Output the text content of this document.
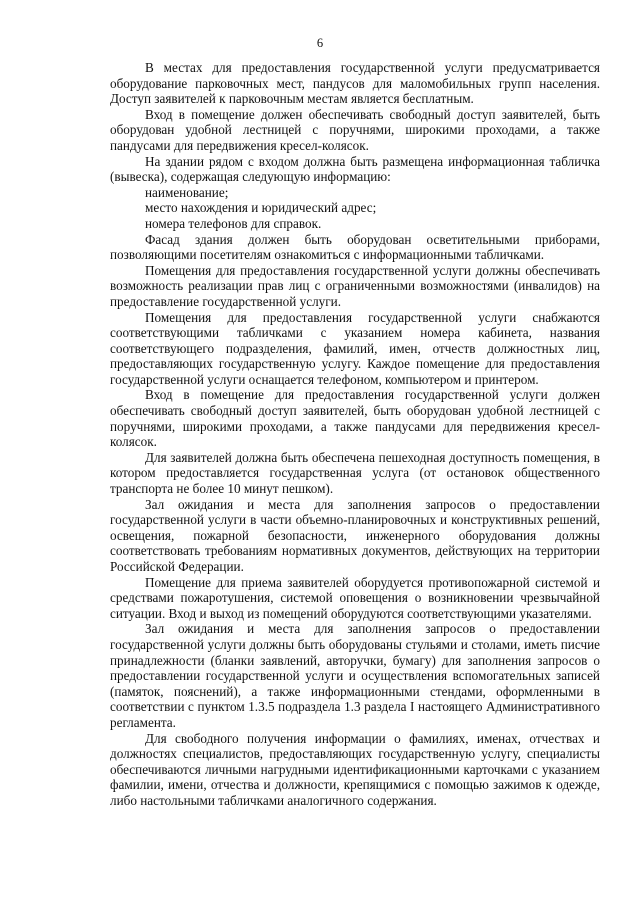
6

В местах для предоставления государственной услуги предусматривается оборудование парковочных мест, пандусов для маломобильных групп населения. Доступ заявителей к парковочным местам является бесплатным.

Вход в помещение должен обеспечивать свободный доступ заявителей, быть оборудован удобной лестницей с поручнями, широкими проходами, а также пандусами для передвижения кресел-колясок.

На здании рядом с входом должна быть размещена информационная табличка (вывеска), содержащая следующую информацию:

наименование;

место нахождения и юридический адрес;

номера телефонов для справок.

Фасад здания должен быть оборудован осветительными приборами, позволяющими посетителям ознакомиться с информационными табличками.

Помещения для предоставления государственной услуги должны обеспечивать возможность реализации прав лиц с ограниченными возможностями (инвалидов) на предоставление государственной услуги.

Помещения для предоставления государственной услуги снабжаются соответствующими табличками с указанием номера кабинета, названия соответствующего подразделения, фамилий, имен, отчеств должностных лиц, предоставляющих государственную услугу. Каждое помещение для предоставления государственной услуги оснащается телефоном, компьютером и принтером.

Вход в помещение для предоставления государственной услуги должен обеспечивать свободный доступ заявителей, быть оборудован удобной лестницей с поручнями, широкими проходами, а также пандусами для передвижения кресел-колясок.

Для заявителей должна быть обеспечена пешеходная доступность помещения, в котором предоставляется государственная услуга (от остановок общественного транспорта не более 10 минут пешком).

Зал ожидания и места для заполнения запросов о предоставлении государственной услуги в части объемно-планировочных и конструктивных решений, освещения, пожарной безопасности, инженерного оборудования должны соответствовать требованиям нормативных документов, действующих на территории Российской Федерации.

Помещение для приема заявителей оборудуется противопожарной системой и средствами пожаротушения, системой оповещения о возникновении чрезвычайной ситуации. Вход и выход из помещений оборудуются соответствующими указателями.

Зал ожидания и места для заполнения запросов о предоставлении государственной услуги должны быть оборудованы стульями и столами, иметь писчие принадлежности (бланки заявлений, авторучки, бумагу) для заполнения запросов о предоставлении государственной услуги и осуществления вспомогательных записей (памяток, пояснений), а также информационными стендами, оформленными в соответствии с пунктом 1.3.5 подраздела 1.3 раздела I настоящего Административного регламента.

Для свободного получения информации о фамилиях, именах, отчествах и должностях специалистов, предоставляющих государственную услугу, специалисты обеспечиваются личными нагрудными идентификационными карточками с указанием фамилии, имени, отчества и должности, крепящимися с помощью зажимов к одежде, либо настольными табличками аналогичного содержания.
